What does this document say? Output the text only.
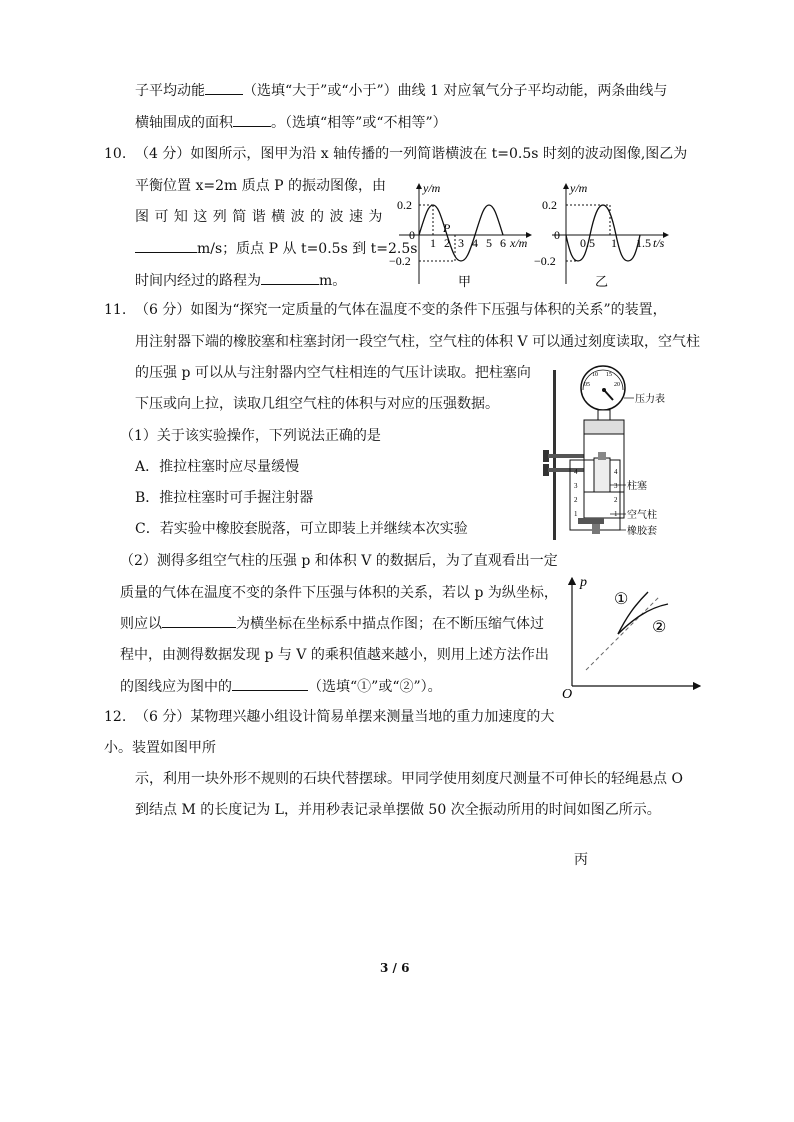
子平均动能	（选填“大于”或“小于”）曲线 1 对应氧气分子平均动能，两条曲线与
横轴围成的面积	。（选填“相等”或“不相等”）
10. （4 分）如图所示，图甲为沿 x 轴传播的一列简谐横波在 t=0.5s 时刻的波动图像,图乙为
平衡位置 x=2m 质点 P 的振动图像，由
图 可 知 这 列 简 谐 横 波 的 波 速 为
m/s；质点 P 从 t=0.5s 到 t=2.5s
时间内经过的路程为	m。
y/m
0.2
0
−0.2
P
1 2 3 4 5 6 x/m
甲
y/m
0.2
0
−0.2
0.5 1 1.5 t/s
乙
11. （6 分）如图为“探究一定质量的气体在温度不变的条件下压强与体积的关系”的装置，
用注射器下端的橡胶塞和柱塞封闭一段空气柱，空气柱的体积 V 可以通过刻度读取，空气柱
的压强 p 可以从与注射器内空气柱相连的气压计读取。把柱塞向
下压或向上拉，读取几组空气柱的体积与对应的压强数据。
（1）关于该实验操作，下列说法正确的是
A．推拉柱塞时应尽量缓慢
B．推拉柱塞时可手握注射器
C．若实验中橡胶套脱落，可立即装上并继续本次实验
05
10 15
20
压力表
4
3
2
1
4
3
2
1
柱塞
空气柱
橡胶套
（2）测得多组空气柱的压强 p 和体积 V 的数据后，为了直观看出一定
质量的气体在温度不变的条件下压强与体积的关系，若以 p 为纵坐标，
则应以	为横坐标在坐标系中描点作图；在不断压缩气体过
程中，由测得数据发现 p 与 V 的乘积值越来越小，则用上述方法作出
的图线应为图中的	（选填“①”或“②”）。
p
O
①
②
12. （6 分）某物理兴趣小组设计简易单摆来测量当地的重力加速度的大
小。装置如图甲所
示，利用一块外形不规则的石块代替摆球。甲同学使用刻度尺测量不可伸长的轻绳悬点 O
到结点 M 的长度记为 L，并用秒表记录单摆做 50 次全振动所用的时间如图乙所示。
丙
3 / 6
